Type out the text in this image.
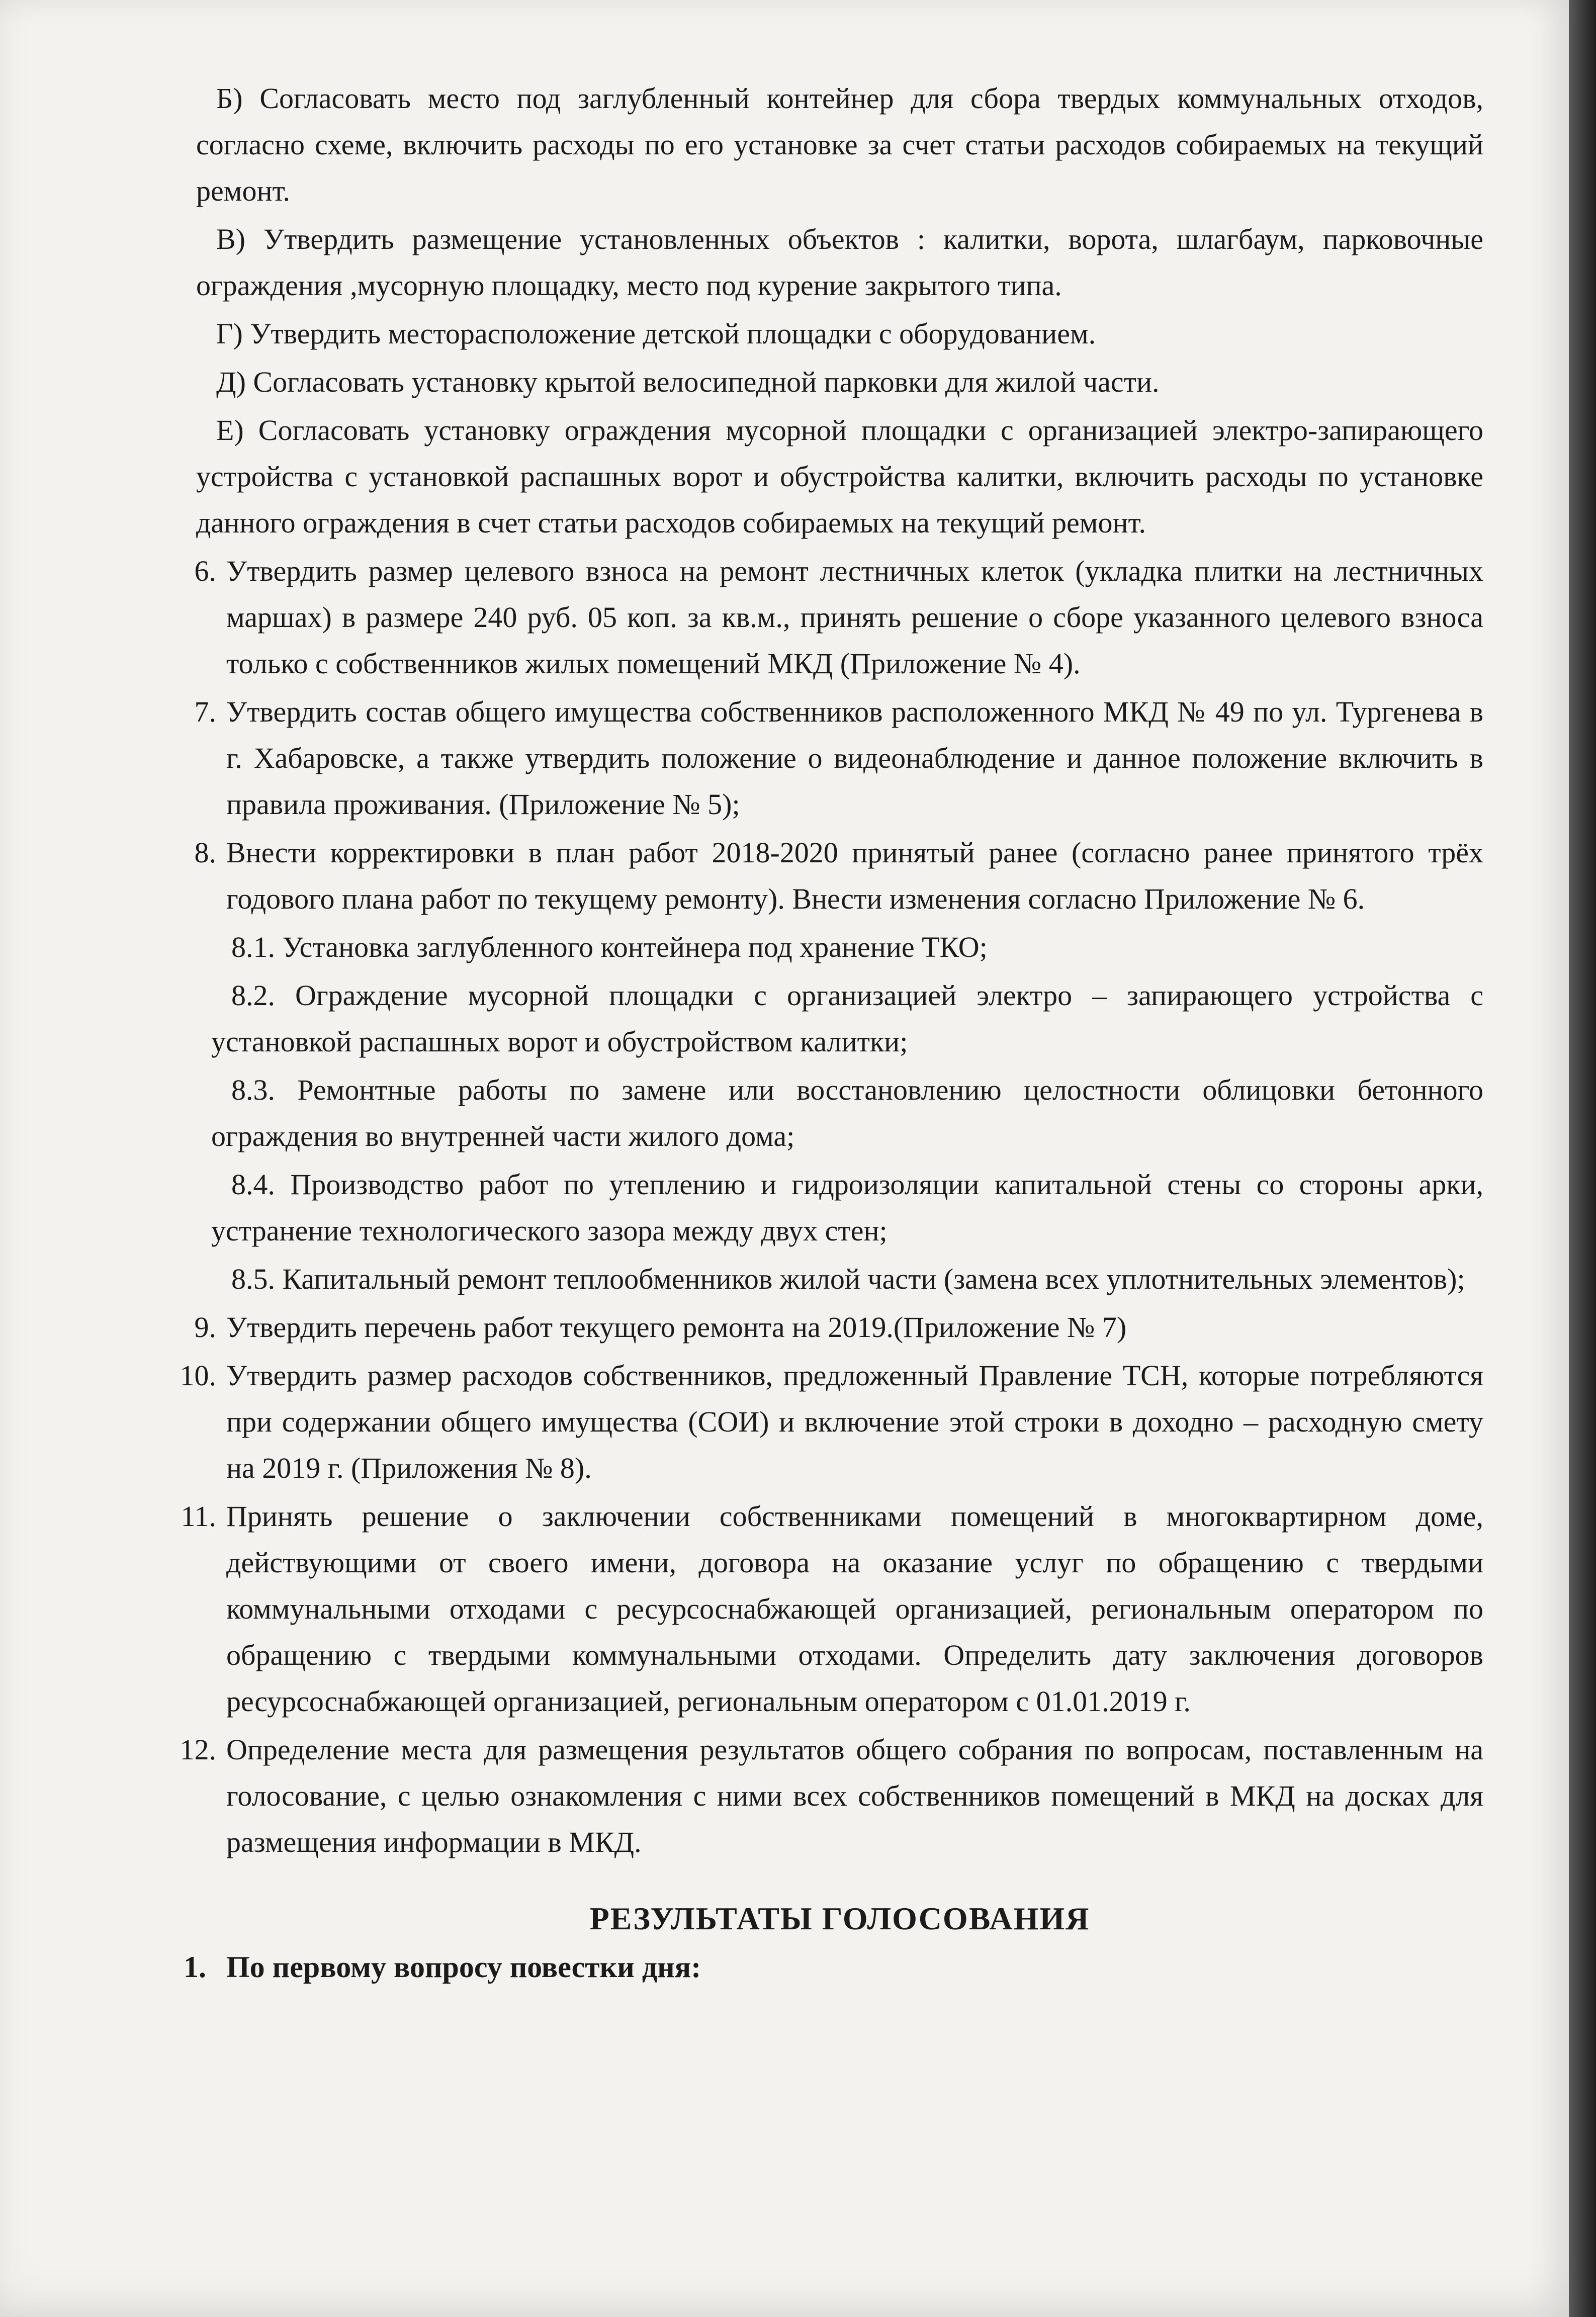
Б) Согласовать место под заглубленный контейнер для сбора твердых коммунальных отходов, согласно схеме, включить расходы по его установке за счет статьи расходов собираемых на текущий ремонт.

В) Утвердить размещение установленных объектов : калитки, ворота, шлагбаум, парковочные ограждения ,мусорную площадку, место под курение закрытого типа.

Г) Утвердить месторасположение детской площадки с оборудованием.

Д) Согласовать установку крытой велосипедной парковки для жилой части.

Е) Согласовать установку ограждения мусорной площадки с организацией электро-запирающего устройства с установкой распашных ворот и обустройства калитки, включить расходы по установке данного ограждения в счет статьи расходов собираемых на текущий ремонт.

6. Утвердить размер целевого взноса на ремонт лестничных клеток (укладка плитки на лестничных маршах) в размере 240 руб. 05 коп. за кв.м., принять решение о сборе указанного целевого взноса только с собственников жилых помещений МКД (Приложение № 4).
7. Утвердить состав общего имущества собственников расположенного МКД № 49 по ул. Тургенева в г. Хабаровске, а также утвердить положение о видеонаблюдение и данное положение включить в правила проживания. (Приложение № 5);
8. Внести корректировки в план работ 2018-2020 принятый ранее (согласно ранее принятого трёх годового плана работ по текущему ремонту). Внести изменения согласно Приложение № 6.

8.1. Установка заглубленного контейнера под хранение ТКО;

8.2. Ограждение мусорной площадки с организацией электро – запирающего устройства с установкой распашных ворот и обустройством калитки;

8.3. Ремонтные работы по замене или восстановлению целостности облицовки бетонного ограждения во внутренней части жилого дома;

8.4. Производство работ по утеплению и гидроизоляции капитальной стены со стороны арки, устранение технологического зазора между двух стен;

8.5. Капитальный ремонт теплообменников жилой части (замена всех уплотнительных элементов);

9. Утвердить перечень работ текущего ремонта на 2019.(Приложение № 7)
10. Утвердить размер расходов собственников, предложенный Правление ТСН, которые потребляются при содержании общего имущества (СОИ) и включение этой строки в доходно – расходную смету на 2019 г. (Приложения № 8).
11. Принять решение о заключении собственниками помещений в многоквартирном доме, действующими от своего имени, договора на оказание услуг по обращению с твердыми коммунальными отходами с ресурсоснабжающей организацией, региональным оператором по обращению с твердыми коммунальными отходами. Определить дату заключения договоров ресурсоснабжающей организацией, региональным оператором с 01.01.2019 г.
12. Определение места для размещения результатов общего собрания по вопросам, поставленным на голосование, с целью ознакомления с ними всех собственников помещений в МКД на досках для размещения информации в МКД.
РЕЗУЛЬТАТЫ ГОЛОСОВАНИЯ
1. По первому вопросу повестки дня:
